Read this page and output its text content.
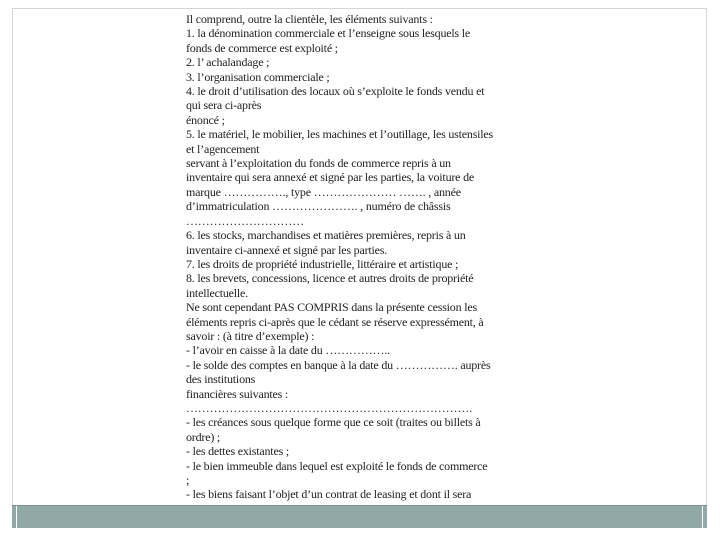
Il comprend, outre la clientèle, les éléments suivants :
1. la dénomination commerciale et l’enseigne sous lesquels le
fonds de commerce est exploité ;
2. l’ achalandage ;
3. l’organisation commerciale ;
4. le droit d’utilisation des locaux où s’exploite le fonds vendu et
qui sera ci-après
énoncé ;
5. le matériel, le mobilier, les machines et l’outillage, les ustensiles
et l’agencement
servant à l’exploitation du fonds de commerce repris à un
inventaire qui sera annexé et signé par les parties, la voiture de
marque ……………., type ………………… ……. , année
d’immatriculation …………………. , numéro de châssis
…………………………
6. les stocks, marchandises et matières premières, repris à un
inventaire ci-annexé et signé par les parties.
7. les droits de propriété industrielle, littéraire et artistique ;
8. les brevets, concessions, licence et autres droits de propriété
intellectuelle.
Ne sont cependant PAS COMPRIS dans la présente cession les
éléments repris ci-après que le cédant se réserve expressément, à
savoir : (à titre d’exemple) :
- l’avoir en caisse à la date du ……………..
- le solde des comptes en banque à la date du ……………. auprès
des institutions
financières suivantes :
……………………………………………………………….
- les créances sous quelque forme que ce soit (traites ou billets à
ordre) ;
- les dettes existantes ;
- le bien immeuble dans lequel est exploité le fonds de commerce
;
- les biens faisant l’objet d’un contrat de leasing et dont il sera
